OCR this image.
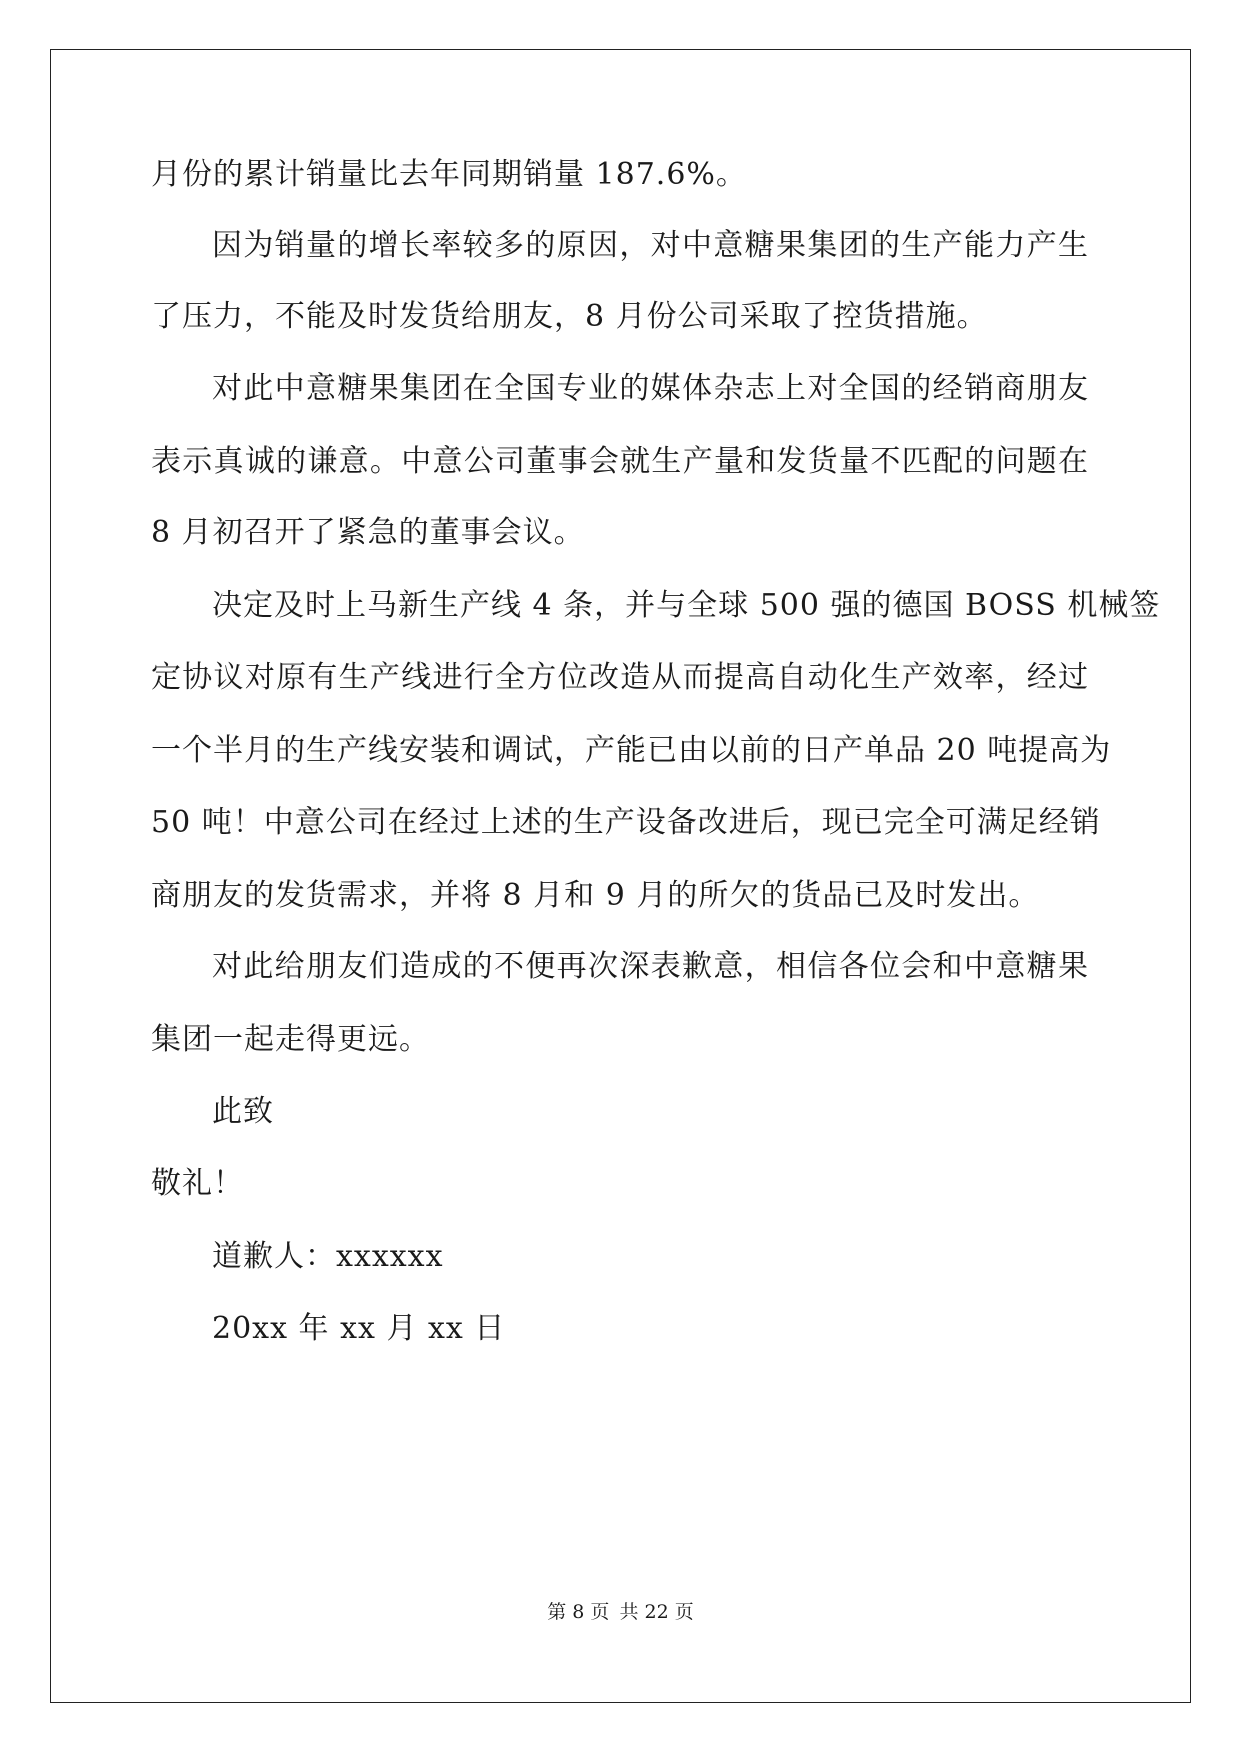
月份的累计销量比去年同期销量 187.6%。
因为销量的增长率较多的原因，对中意糖果集团的生产能力产生
了压力，不能及时发货给朋友，8 月份公司采取了控货措施。
对此中意糖果集团在全国专业的媒体杂志上对全国的经销商朋友
表示真诚的谦意。中意公司董事会就生产量和发货量不匹配的问题在
8 月初召开了紧急的董事会议。
决定及时上马新生产线 4 条，并与全球 500 强的德国 BOSS 机械签
定协议对原有生产线进行全方位改造从而提高自动化生产效率，经过
一个半月的生产线安装和调试，产能已由以前的日产单品 20 吨提高为
50 吨！中意公司在经过上述的生产设备改进后，现已完全可满足经销
商朋友的发货需求，并将 8 月和 9 月的所欠的货品已及时发出。
对此给朋友们造成的不便再次深表歉意，相信各位会和中意糖果
集团一起走得更远。
此致
敬礼！
道歉人：xxxxxx
20xx 年 xx 月 xx 日
第 8 页 共 22 页
